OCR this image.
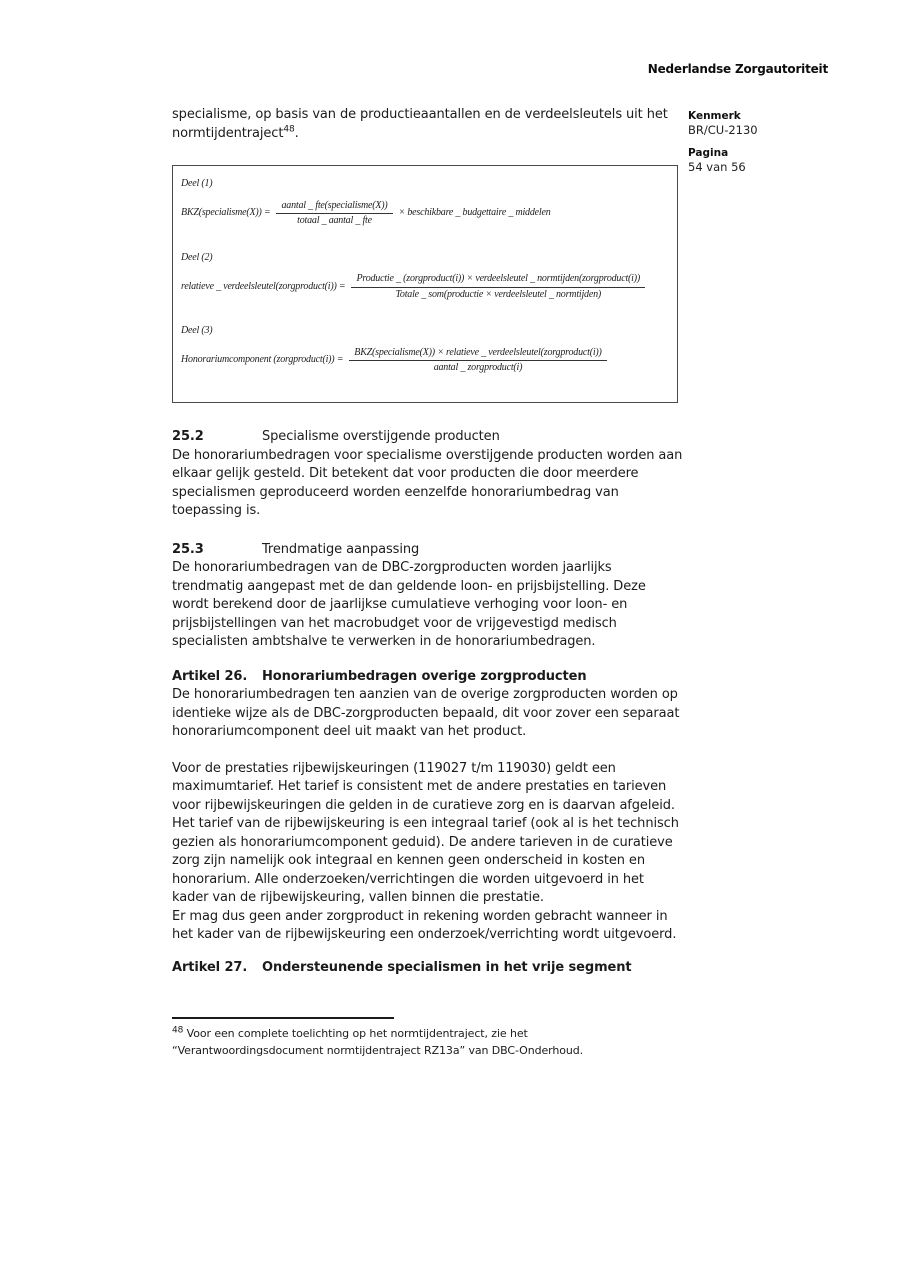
Nederlandse Zorgautoriteit
Kenmerk
BR/CU-2130
Pagina
54 van 56

specialisme, op basis van de productieaantallen en de verdeelsleutels uit het normtijdentraject$^{48}$.

Deel (1)
BKZ(specialisme(X)) = $\frac{\text{aantal \_ fte(specialisme(X))}}{\text{totaal \_ aantal \_ fte}}$ × beschikbare _ budgettaire _ middelen
Deel (2)
relatieve _ verdeelsleutel(zorgproduct(i)) =
Productie _ (zorgproduct(i)) × verdeelsleutel _ normtijden(zorgproduct(i))
Totale _ som(productie × verdeelsleutel _ normtijden)
Deel (3)
Honorariumcomponent (zorgproduct(i)) =
BKZ(specialisme(X)) × relatieve _ verdeelsleutel(zorgproduct(i))
aantal _ zorgproduct(i)
25.2	Specialisme overstijgende producten

De honorariumbedragen voor specialisme overstijgende producten worden aan elkaar gelijk gesteld. Dit betekent dat voor producten die door meerdere specialismen geproduceerd worden eenzelfde honorariumbedrag van toepassing is.

25.3	Trendmatige aanpassing

De honorariumbedragen van de DBC-zorgproducten worden jaarlijks trendmatig aangepast met de dan geldende loon- en prijsbijstelling. Deze wordt berekend door de jaarlijkse cumulatieve verhoging voor loon- en prijsbijstellingen van het macrobudget voor de vrijgevestigd medisch specialisten ambtshalve te verwerken in de honorariumbedragen.

Artikel 26. Honorariumbedragen overige zorgproducten

De honorariumbedragen ten aanzien van de overige zorgproducten worden op identieke wijze als de DBC-zorgproducten bepaald, dit voor zover een separaat honorariumcomponent deel uit maakt van het product.

Voor de prestaties rijbewijskeuringen (119027 t/m 119030) geldt een maximumtarief. Het tarief is consistent met de andere prestaties en tarieven voor rijbewijskeuringen die gelden in de curatieve zorg en is daarvan afgeleid.

Het tarief van de rijbewijskeuring is een integraal tarief (ook al is het technisch gezien als honorariumcomponent geduid). De andere tarieven in de curatieve zorg zijn namelijk ook integraal en kennen geen onderscheid in kosten en honorarium. Alle onderzoeken/verrichtingen die worden uitgevoerd in het kader van de rijbewijskeuring, vallen binnen die prestatie.

Er mag dus geen ander zorgproduct in rekening worden gebracht wanneer in het kader van de rijbewijskeuring een onderzoek/verrichting wordt uitgevoerd.

Artikel 27. Ondersteunende specialismen in het vrije segment
$^{48}$ Voor een complete toelichting op het normtijdentraject, zie het “Verantwoordingsdocument normtijdentraject RZ13a” van DBC-Onderhoud.
